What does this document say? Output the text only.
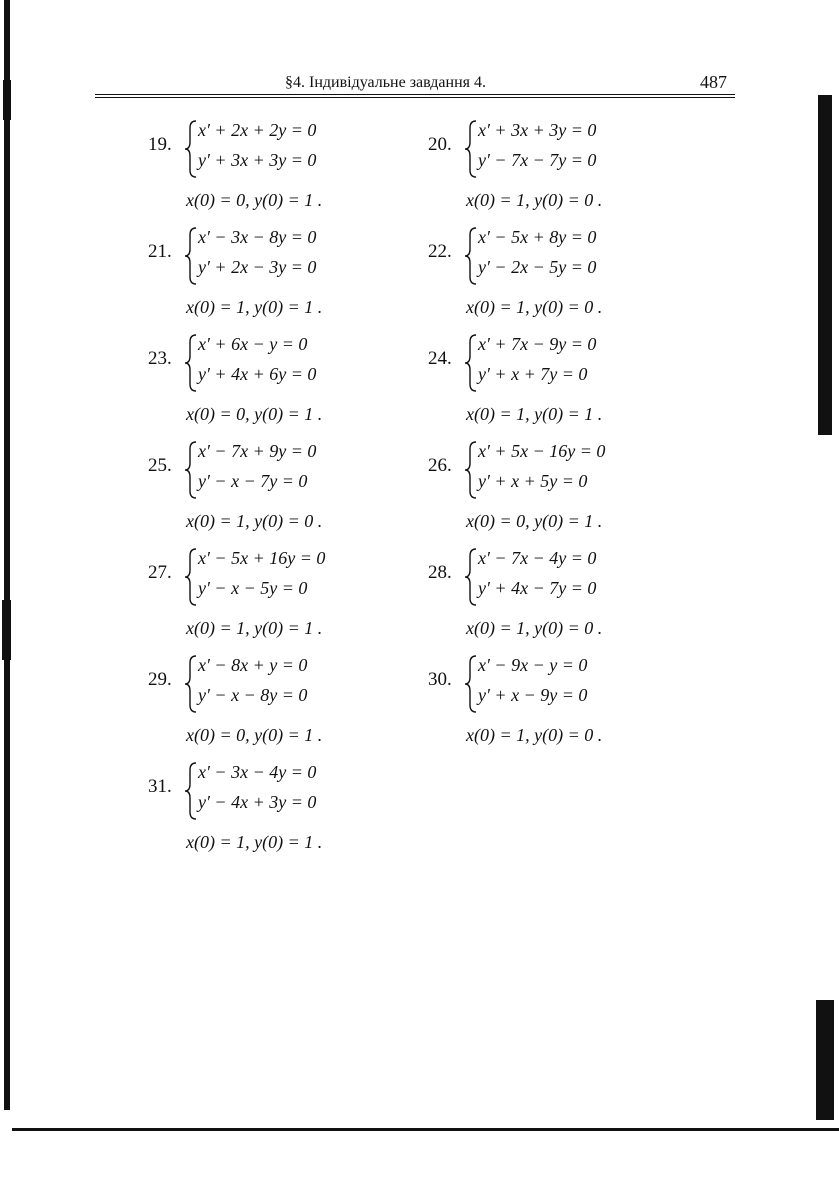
§4. Індивідуальне завдання 4.	487
19.
x′ + 2x + 2y = 0
y′ + 3x + 3y = 0
x(0) = 0, y(0) = 1 .
20.
x′ + 3x + 3y = 0
y′ − 7x − 7y = 0
x(0) = 1, y(0) = 0 .
21.
x′ − 3x − 8y = 0
y′ + 2x − 3y = 0
x(0) = 1, y(0) = 1 .
22.
x′ − 5x + 8y = 0
y′ − 2x − 5y = 0
x(0) = 1, y(0) = 0 .
23.
x′ + 6x − y = 0
y′ + 4x + 6y = 0
x(0) = 0, y(0) = 1 .
24.
x′ + 7x − 9y = 0
y′ + x + 7y = 0
x(0) = 1, y(0) = 1 .
25.
x′ − 7x + 9y = 0
y′ − x − 7y = 0
x(0) = 1, y(0) = 0 .
26.
x′ + 5x − 16y = 0
y′ + x + 5y = 0
x(0) = 0, y(0) = 1 .
27.
x′ − 5x + 16y = 0
y′ − x − 5y = 0
x(0) = 1, y(0) = 1 .
28.
x′ − 7x − 4y = 0
y′ + 4x − 7y = 0
x(0) = 1, y(0) = 0 .
29.
x′ − 8x + y = 0
y′ − x − 8y = 0
x(0) = 0, y(0) = 1 .
30.
x′ − 9x − y = 0
y′ + x − 9y = 0
x(0) = 1, y(0) = 0 .
31.
x′ − 3x − 4y = 0
y′ − 4x + 3y = 0
x(0) = 1, y(0) = 1 .
